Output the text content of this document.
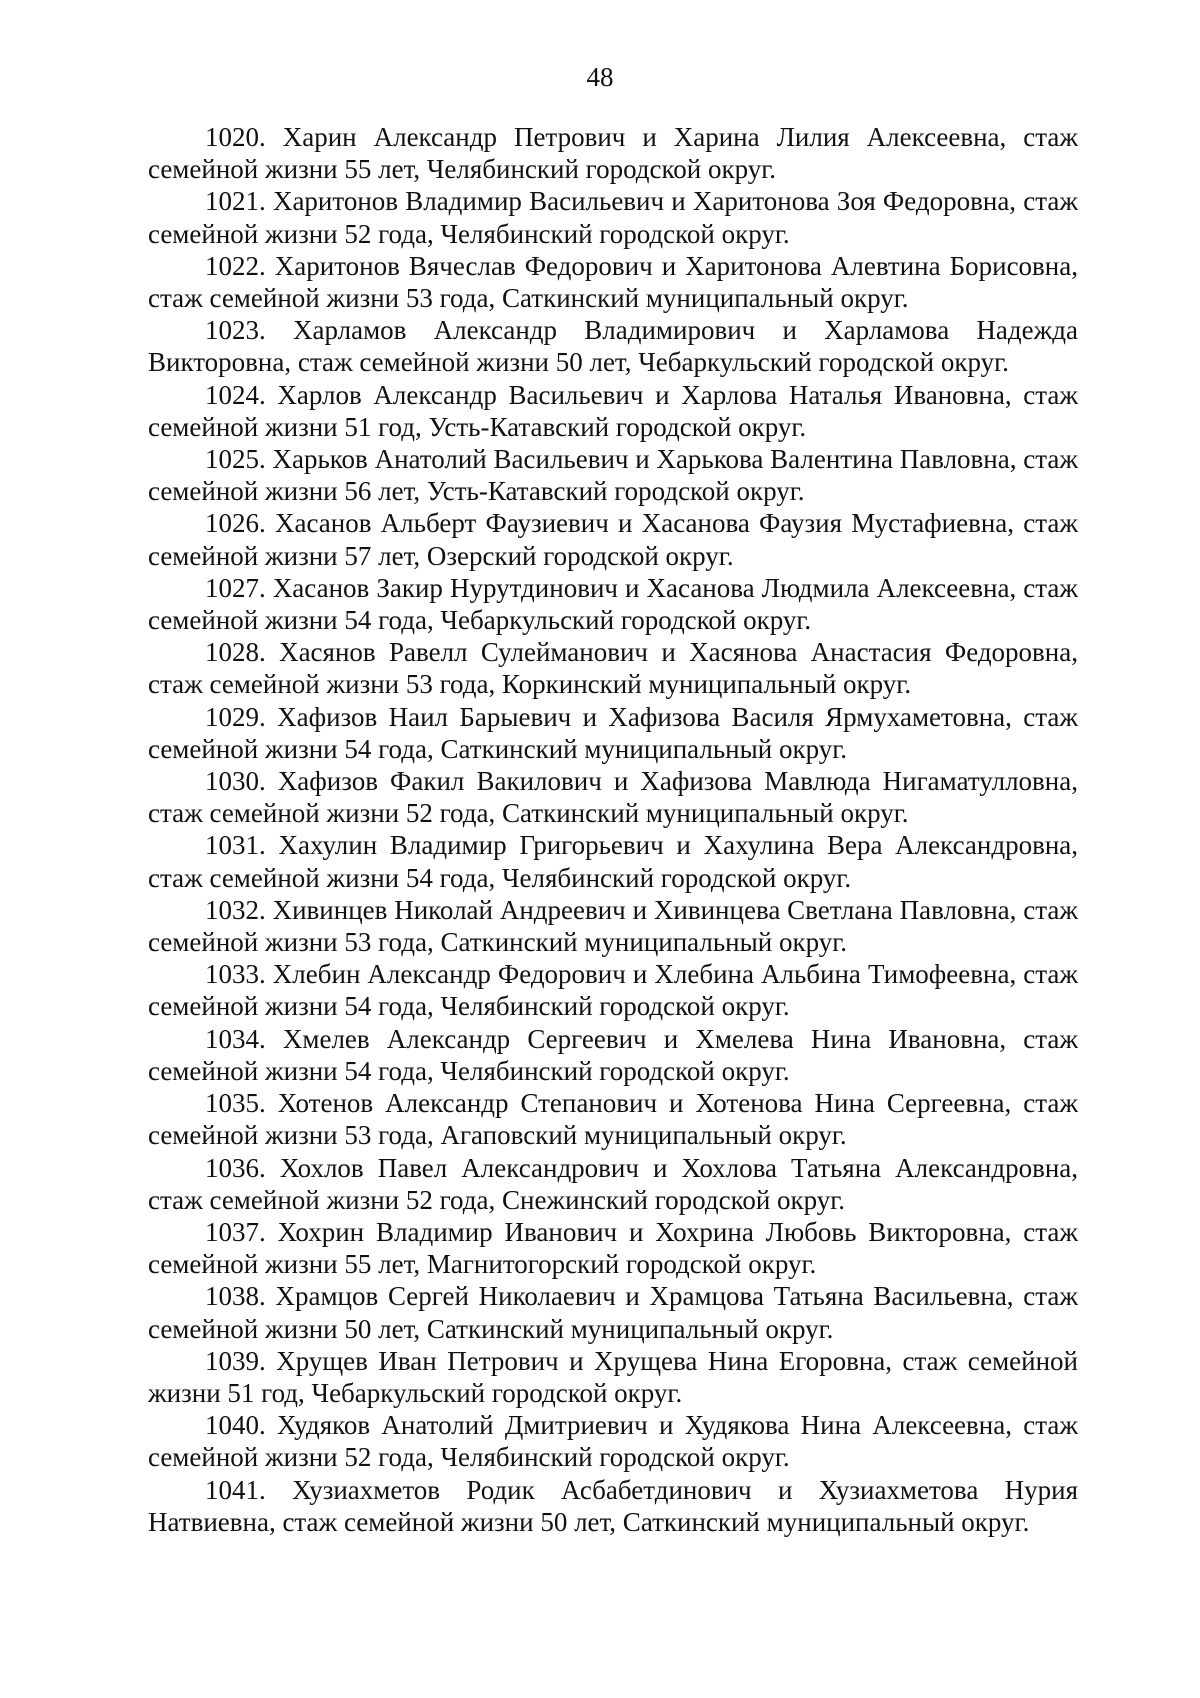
48

1020. Харин Александр Петрович и Харина Лилия Алексеевна, стаж семейной жизни 55 лет, Челябинский городской округ.

1021. Харитонов Владимир Васильевич и Харитонова Зоя Федоровна, стаж семейной жизни 52 года, Челябинский городской округ.

1022. Харитонов Вячеслав Федорович и Харитонова Алевтина Борисовна, стаж семейной жизни 53 года, Саткинский муниципальный округ.

1023. Харламов Александр Владимирович и Харламова Надежда Викторовна, стаж семейной жизни 50 лет, Чебаркульский городской округ.

1024. Харлов Александр Васильевич и Харлова Наталья Ивановна, стаж семейной жизни 51 год, Усть-Катавский городской округ.

1025. Харьков Анатолий Васильевич и Харькова Валентина Павловна, стаж семейной жизни 56 лет, Усть-Катавский городской округ.

1026. Хасанов Альберт Фаузиевич и Хасанова Фаузия Мустафиевна, стаж семейной жизни 57 лет, Озерский городской округ.

1027. Хасанов Закир Нурутдинович и Хасанова Людмила Алексеевна, стаж семейной жизни 54 года, Чебаркульский городской округ.

1028. Хасянов Равелл Сулейманович и Хасянова Анастасия Федоровна, стаж семейной жизни 53 года, Коркинский муниципальный округ.

1029. Хафизов Наил Барыевич и Хафизова Василя Ярмухаметовна, стаж семейной жизни 54 года, Саткинский муниципальный округ.

1030. Хафизов Факил Вакилович и Хафизова Мавлюда Нигаматулловна, стаж семейной жизни 52 года, Саткинский муниципальный округ.

1031. Хахулин Владимир Григорьевич и Хахулина Вера Александровна, стаж семейной жизни 54 года, Челябинский городской округ.

1032. Хивинцев Николай Андреевич и Хивинцева Светлана Павловна, стаж семейной жизни 53 года, Саткинский муниципальный округ.

1033. Хлебин Александр Федорович и Хлебина Альбина Тимофеевна, стаж семейной жизни 54 года, Челябинский городской округ.

1034. Хмелев Александр Сергеевич и Хмелева Нина Ивановна, стаж семейной жизни 54 года, Челябинский городской округ.

1035. Хотенов Александр Степанович и Хотенова Нина Сергеевна, стаж семейной жизни 53 года, Агаповский муниципальный округ.

1036. Хохлов Павел Александрович и Хохлова Татьяна Александровна, стаж семейной жизни 52 года, Снежинский городской округ.

1037. Хохрин Владимир Иванович и Хохрина Любовь Викторовна, стаж семейной жизни 55 лет, Магнитогорский городской округ.

1038. Храмцов Сергей Николаевич и Храмцова Татьяна Васильевна, стаж семейной жизни 50 лет, Саткинский муниципальный округ.

1039. Хрущев Иван Петрович и Хрущева Нина Егоровна, стаж семейной жизни 51 год, Чебаркульский городской округ.

1040. Худяков Анатолий Дмитриевич и Худякова Нина Алексеевна, стаж семейной жизни 52 года, Челябинский городской округ.

1041. Хузиахметов Родик Асбабетдинович и Хузиахметова Нурия Натвиевна, стаж семейной жизни 50 лет, Саткинский муниципальный округ.
